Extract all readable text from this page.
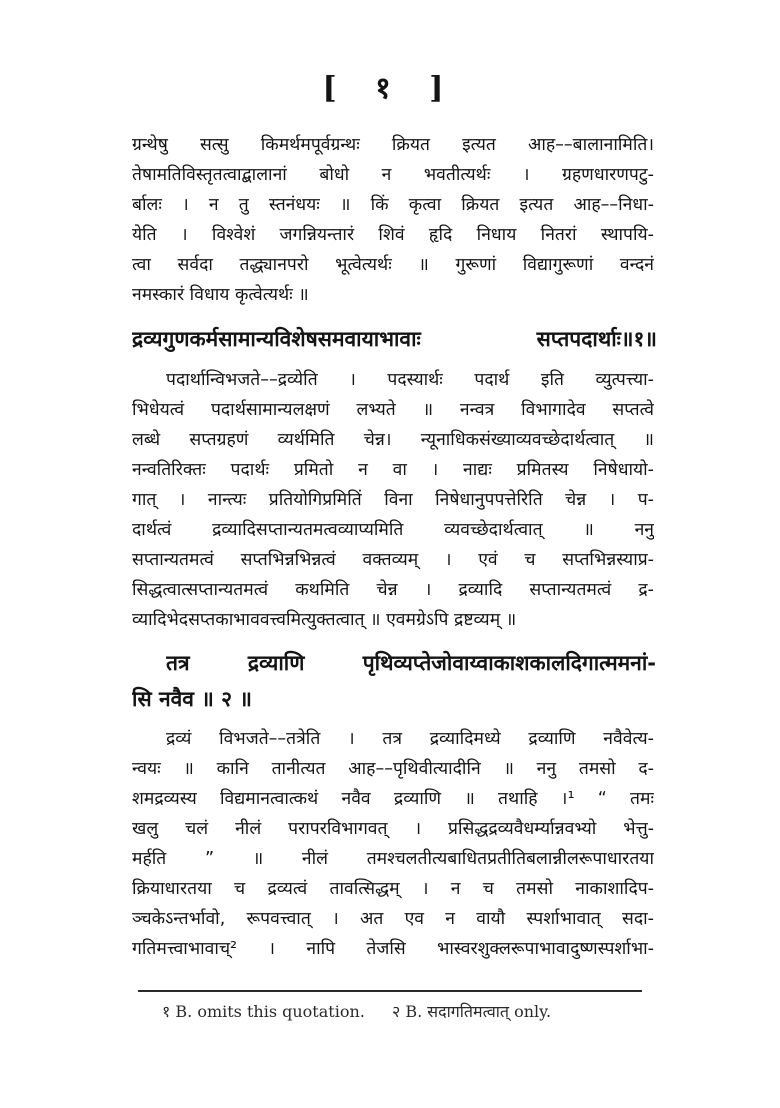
[ १ ]
ग्रन्थेषु सत्सु किमर्थमपूर्वग्रन्थः क्रियत इत्यत आह––बालानामिति।
तेषामतिविस्तृतत्वाद्बालानां बोधो न भवतीत्यर्थः । ग्रहणधारणपटु-
र्बालः । न तु स्तनंधयः ॥ किं कृत्वा क्रियत इत्यत आह––निधा-
येति । विश्वेशं जगन्नियन्तारं शिवं हृदि निधाय नितरां स्थापयि-
त्वा सर्वदा तद्ध्यानपरो भूत्वेत्यर्थः ॥ गुरूणां विद्यागुरूणां वन्दनं
नमस्कारं विधाय कृत्वेत्यर्थः ॥
द्रव्यगुणकर्मसामान्यविशेषसमवायाभावाः सप्तपदार्थाः॥१॥
पदार्थान्विभजते––द्रव्येति । पदस्यार्थः पदार्थ इति व्युत्पत्त्या-
भिधेयत्वं पदार्थसामान्यलक्षणं लभ्यते ॥ नन्वत्र विभागादेव सप्तत्वे
लब्धे सप्तग्रहणं व्यर्थमिति चेन्न। न्यूनाधिकसंख्याव्यवच्छेदार्थत्वात् ॥
नन्वतिरिक्तः पदार्थः प्रमितो न वा । नाद्यः प्रमितस्य निषेधायो-
गात् । नान्त्यः प्रतियोगिप्रमितिं विना निषेधानुपपत्तेरिति चेन्न । प-
दार्थत्वं द्रव्यादिसप्तान्यतमत्वव्याप्यमिति व्यवच्छेदार्थत्वात् ॥ ननु
सप्तान्यतमत्वं सप्तभिन्नभिन्नत्वं वक्तव्यम् । एवं च सप्तभिन्नस्याप्र-
सिद्धत्वात्सप्तान्यतमत्वं कथमिति चेन्न । द्रव्यादि सप्तान्यतमत्वं द्र-
व्यादिभेदसप्तकाभाववत्त्वमित्युक्तत्वात् ॥ एवमग्रेऽपि द्रष्टव्यम् ॥
तत्र द्रव्याणि पृथिव्यप्तेजोवाय्वाकाशकालदिगात्ममनां-
सि नवैव ॥ २ ॥
द्रव्यं विभजते––तत्रेति । तत्र द्रव्यादिमध्ये द्रव्याणि नवैवेत्य-
न्वयः ॥ कानि तानीत्यत आह––पृथिवीत्यादीनि ॥ ननु तमसो द-
शमद्रव्यस्य विद्यमानत्वात्कथं नवैव द्रव्याणि ॥ तथाहि ।¹ “ तमः
खलु चलं नीलं परापरविभागवत् । प्रसिद्धद्रव्यवैधर्म्यान्नवभ्यो भेत्तु-
मर्हति ” ॥ नीलं तमश्चलतीत्यबाधितप्रतीतिबलान्नीलरूपाधारतया
क्रियाधारतया च द्रव्यत्वं तावत्सिद्धम् । न च तमसो नाकाशादिप-
ञ्चकेऽन्तर्भावो, रूपवत्त्वात् । अत एव न वायौ स्पर्शाभावात् सदा-
गतिमत्त्वाभावाच्² । नापि तेजसि भास्वरशुक्लरूपाभावादुष्णस्पर्शाभा-
१ B. omits this quotation. २ B. सदागतिमत्वात् only.
